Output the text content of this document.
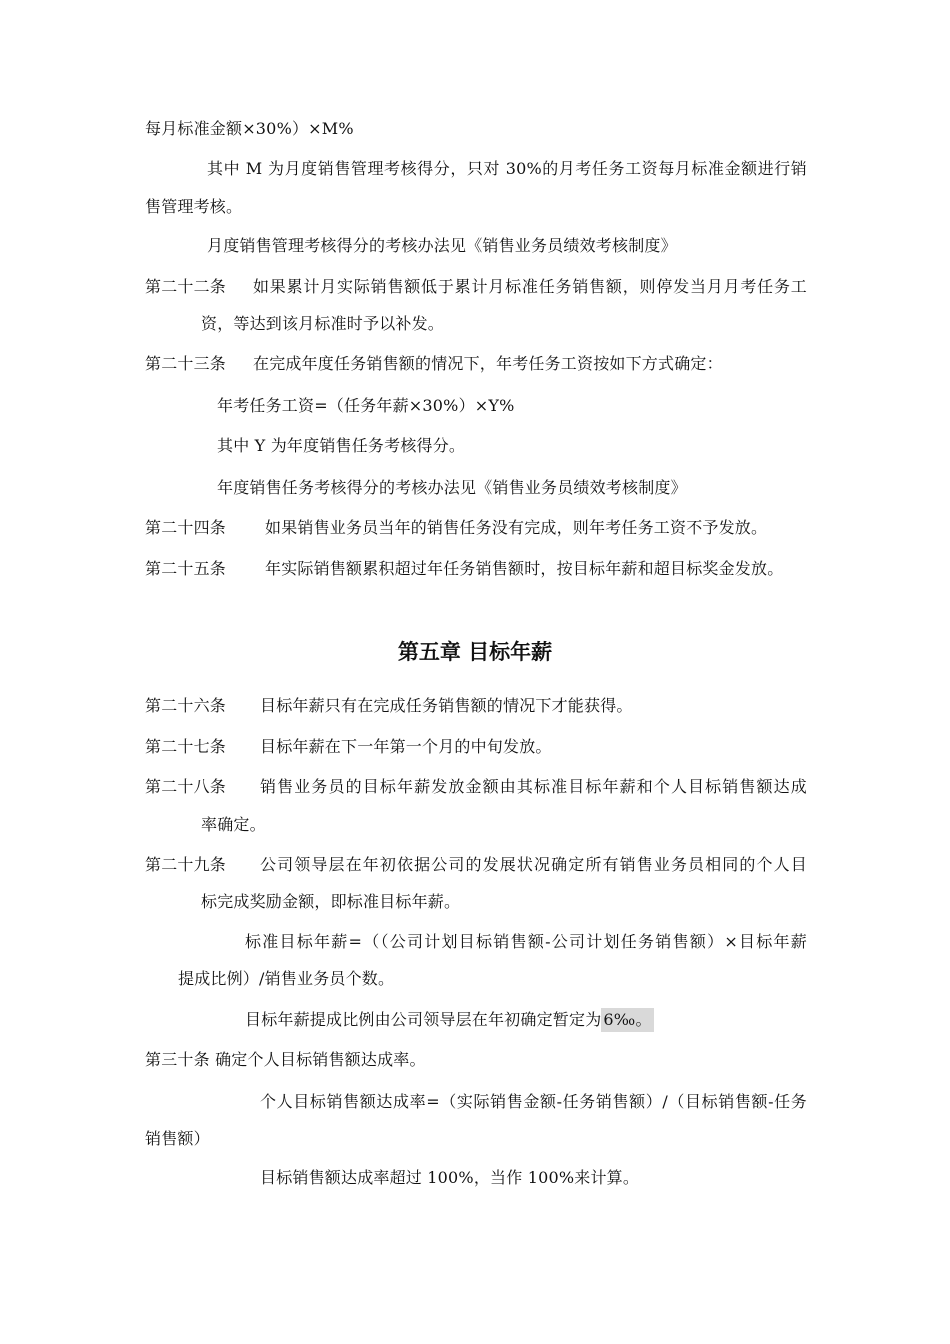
每月标准金额×30%）×M%
其中 M 为月度销售管理考核得分，只对 30%的月考任务工资每月标准金额进行销
售管理考核。
月度销售管理考核得分的考核办法见《销售业务员绩效考核制度》
第二十二条 如果累计月实际销售额低于累计月标准任务销售额，则停发当月月考任务工
资，等达到该月标准时予以补发。
第二十三条 在完成年度任务销售额的情况下，年考任务工资按如下方式确定：
年考任务工资=（任务年薪×30%）×Y%
其中 Y 为年度销售任务考核得分。
年度销售任务考核得分的考核办法见《销售业务员绩效考核制度》
第二十四条 如果销售业务员当年的销售任务没有完成，则年考任务工资不予发放。
第二十五条 年实际销售额累积超过年任务销售额时，按目标年薪和超目标奖金发放。
第五章 目标年薪
第二十六条 目标年薪只有在完成任务销售额的情况下才能获得。
第二十七条 目标年薪在下一年第一个月的中旬发放。
第二十八条 销售业务员的目标年薪发放金额由其标准目标年薪和个人目标销售额达成
率确定。
第二十九条 公司领导层在年初依据公司的发展状况确定所有销售业务员相同的个人目
标完成奖励金额，即标准目标年薪。
标准目标年薪=（（公司计划目标销售额-公司计划任务销售额）×目标年薪
提成比例）/销售业务员个数。
目标年薪提成比例由公司领导层在年初确定暂定为 6‰。
第三十条 确定个人目标销售额达成率。
个人目标销售额达成率=（实际销售金额-任务销售额）/（目标销售额-任务
销售额）
目标销售额达成率超过 100%，当作 100%来计算。
